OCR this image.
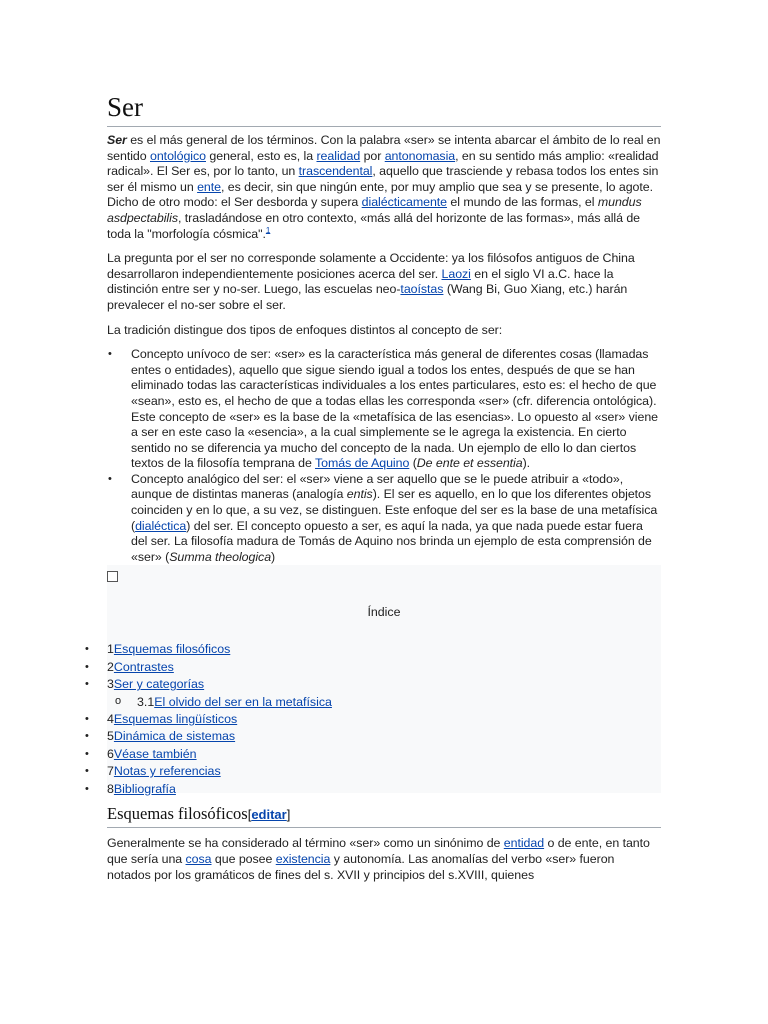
Ser

Ser es el más general de los términos. Con la palabra «ser» se intenta abarcar el ámbito de lo real en sentido ontológico general, esto es, la realidad por antonomasia, en su sentido más amplio: «realidad radical». El Ser es, por lo tanto, un trascendental, aquello que trasciende y rebasa todos los entes sin ser él mismo un ente, es decir, sin que ningún ente, por muy amplio que sea y se presente, lo agote. Dicho de otro modo: el Ser desborda y supera dialécticamente el mundo de las formas, el mundus asdpectabilis, trasladándose en otro contexto, «más allá del horizonte de las formas», más allá de toda la "morfología cósmica".$^1$

La pregunta por el ser no corresponde solamente a Occidente: ya los filósofos antiguos de China desarrollaron independientemente posiciones acerca del ser. Laozi en el siglo VI a.C. hace la distinción entre ser y no-ser. Luego, las escuelas neo-taoístas (Wang Bi, Guo Xiang, etc.) harán prevalecer el no-ser sobre el ser.

La tradición distingue dos tipos de enfoques distintos al concepto de ser:

• Concepto unívoco de ser: «ser» es la característica más general de diferentes cosas (llamadas entes o entidades), aquello que sigue siendo igual a todos los entes, después de que se han eliminado todas las características individuales a los entes particulares, esto es: el hecho de que «sean», esto es, el hecho de que a todas ellas les corresponda «ser» (cfr. diferencia ontológica). Este concepto de «ser» es la base de la «metafísica de las esencias». Lo opuesto al «ser» viene a ser en este caso la «esencia», a la cual simplemente se le agrega la existencia. En cierto sentido no se diferencia ya mucho del concepto de la nada. Un ejemplo de ello lo dan ciertos textos de la filosofía temprana de Tomás de Aquino (De ente et essentia).
• Concepto analógico del ser: el «ser» viene a ser aquello que se le puede atribuir a «todo», aunque de distintas maneras (analogía entis). El ser es aquello, en lo que los diferentes objetos coinciden y en lo que, a su vez, se distinguen. Este enfoque del ser es la base de una metafísica (dialéctica) del ser. El concepto opuesto a ser, es aquí la nada, ya que nada puede estar fuera del ser. La filosofía madura de Tomás de Aquino nos brinda un ejemplo de esta comprensión de «ser» (Summa theologica)
Índice
• 1Esquemas filosóficos
• 2Contrastes
• 3Ser y categorías
o 3.1El olvido del ser en la metafísica
• 4Esquemas lingüísticos
• 5Dinámica de sistemas
• 6Véase también
• 7Notas y referencias
• 8Bibliografía
Esquemas filosóficos[editar]

Generalmente se ha considerado al término «ser» como un sinónimo de entidad o de ente, en tanto que sería una cosa que posee existencia y autonomía. Las anomalías del verbo «ser» fueron notados por los gramáticos de fines del s. XVII y principios del s.XVIII, quienes
